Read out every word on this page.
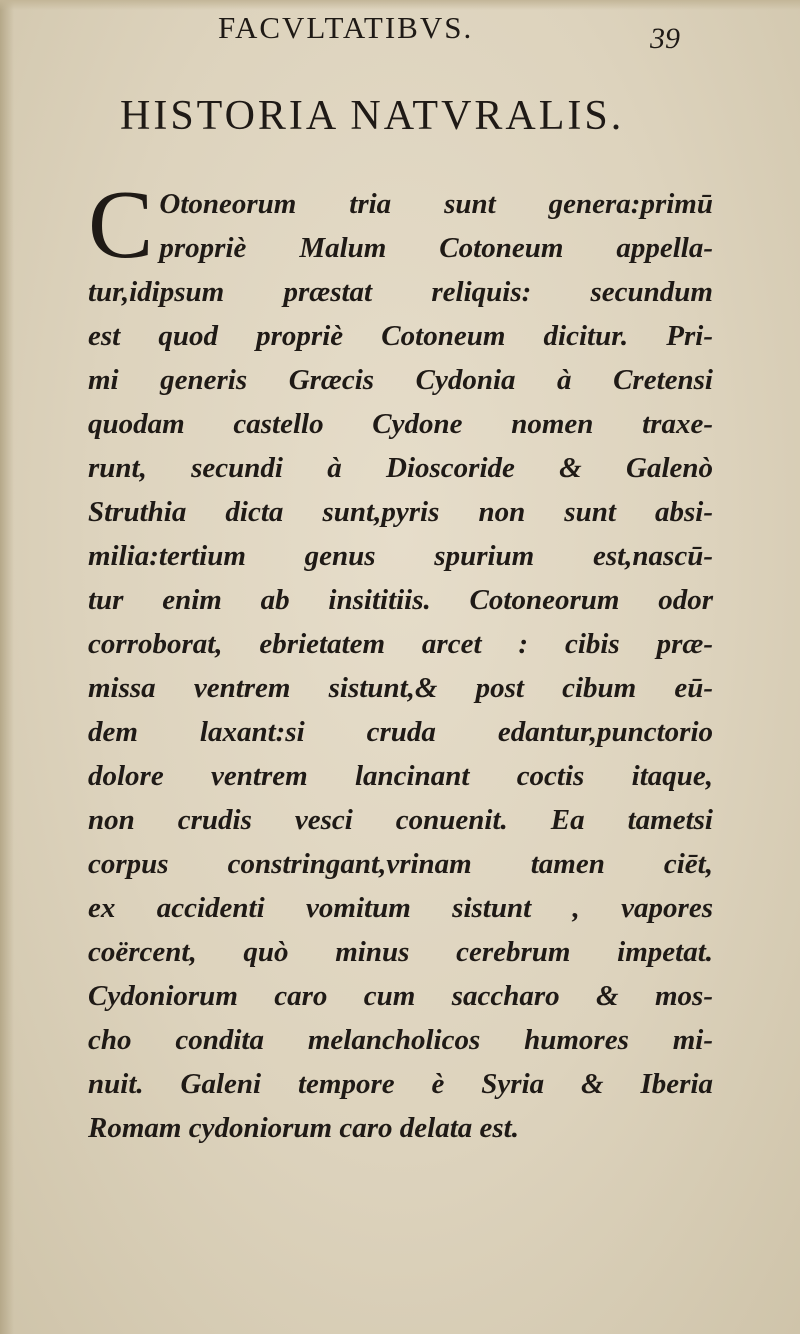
FACVLTATIBVS.	39
HISTORIA NATVRALIS.
C Otoneorum tria sunt genera:primū
propriè Malum Cotoneum appella-
tur,idipsum præstat reliquis: secundum
est quod propriè Cotoneum dicitur. Pri-
mi generis Græcis Cydonia à Cretensi
quodam castello Cydone nomen traxe-
runt, secundi à Dioscoride & Galenò
Struthia dicta sunt,pyris non sunt absi-
milia:tertium genus spurium est,nascū-
tur enim ab insititiis. Cotoneorum odor
corroborat, ebrietatem arcet : cibis præ-
missa ventrem sistunt,& post cibum eū-
dem laxant:si cruda edantur,punctorio
dolore ventrem lancinant coctis itaque,
non crudis vesci conuenit. Ea tametsi
corpus constringant,vrinam tamen ciēt,
ex accidenti vomitum sistunt , vapores
coërcent, quò minus cerebrum impetat.
Cydoniorum caro cum saccharo & mos-
cho condita melancholicos humores mi-
nuit. Galeni tempore è Syria & Iberia
Romam cydoniorum caro delata est.
